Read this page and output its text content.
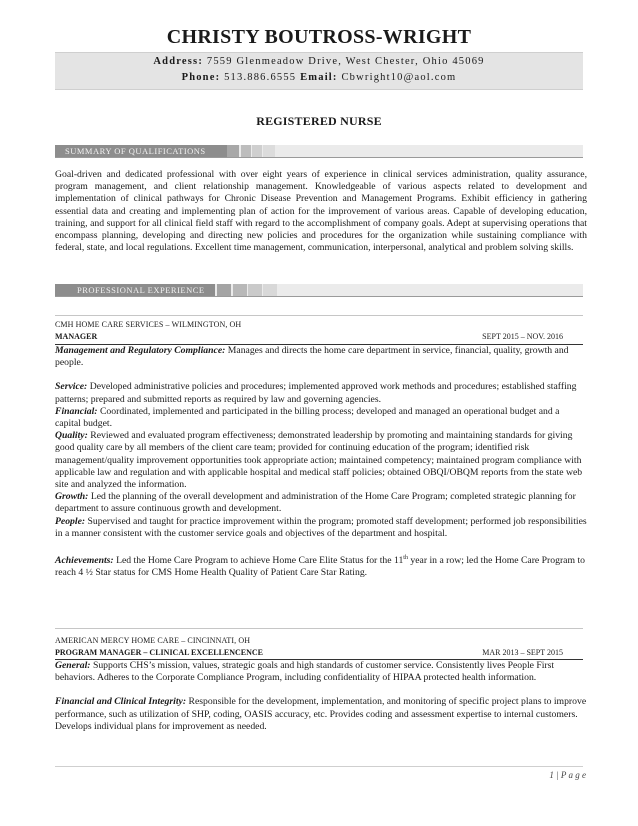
CHRISTY BOUTROSS-WRIGHT
Address: 7559 Glenmeadow Drive, West Chester, Ohio 45069
Phone: 513.886.6555 Email: Cbwright10@aol.com
REGISTERED NURSE
SUMMARY OF QUALIFICATIONS

Goal-driven and dedicated professional with over eight years of experience in clinical services administration, quality assurance, program management, and client relationship management. Knowledgeable of various aspects related to development and implementation of clinical pathways for Chronic Disease Prevention and Management Programs. Exhibit efficiency in gathering essential data and creating and implementing plan of action for the improvement of various areas. Capable of developing education, training, and support for all clinical field staff with regard to the accomplishment of company goals. Adept at supervising operations that encompass planning, developing and directing new policies and procedures for the organization while sustaining compliance with federal, state, and local regulations. Excellent time management, communication, interpersonal, analytical and problem solving skills.

PROFESSIONAL EXPERIENCE
CMH HOME CARE SERVICES – WILMINGTON, OH
MANAGER	SEPT 2015 – NOV. 2016

Management and Regulatory Compliance: Manages and directs the home care department in service, financial, quality, growth and people.

Service: Developed administrative policies and procedures; implemented approved work methods and procedures; established staffing patterns; prepared and submitted reports as required by law and governing agencies.

Financial: Coordinated, implemented and participated in the billing process; developed and managed an operational budget and a capital budget.

Quality: Reviewed and evaluated program effectiveness; demonstrated leadership by promoting and maintaining standards for giving good quality care by all members of the client care team; provided for continuing education of the program; identified risk management/quality improvement opportunities took appropriate action; maintained competency; maintained program compliance with applicable law and regulation and with applicable hospital and medical staff policies; obtained OBQI/OBQM reports from the state web site and analyzed the information.

Growth: Led the planning of the overall development and administration of the Home Care Program; completed strategic planning for department to assure continuous growth and development.

People: Supervised and taught for practice improvement within the program; promoted staff development; performed job responsibilities in a manner consistent with the customer service goals and objectives of the department and hospital.

Achievements: Led the Home Care Program to achieve Home Care Elite Status for the 11th year in a row; led the Home Care Program to reach 4 ½ Star status for CMS Home Health Quality of Patient Care Star Rating.

AMERICAN MERCY HOME CARE – CINCINNATI, OH
PROGRAM MANAGER – CLINICAL EXCELLENCENCE	MAR 2013 – SEPT 2015

General: Supports CHS’s mission, values, strategic goals and high standards of customer service. Consistently lives People First behaviors. Adheres to the Corporate Compliance Program, including confidentiality of HIPAA protected health information.

Financial and Clinical Integrity: Responsible for the development, implementation, and monitoring of specific project plans to improve performance, such as utilization of SHP, coding, OASIS accuracy, etc. Provides coding and assessment expertise to internal customers. Develops individual plans for improvement as needed.

1 | P a g e
